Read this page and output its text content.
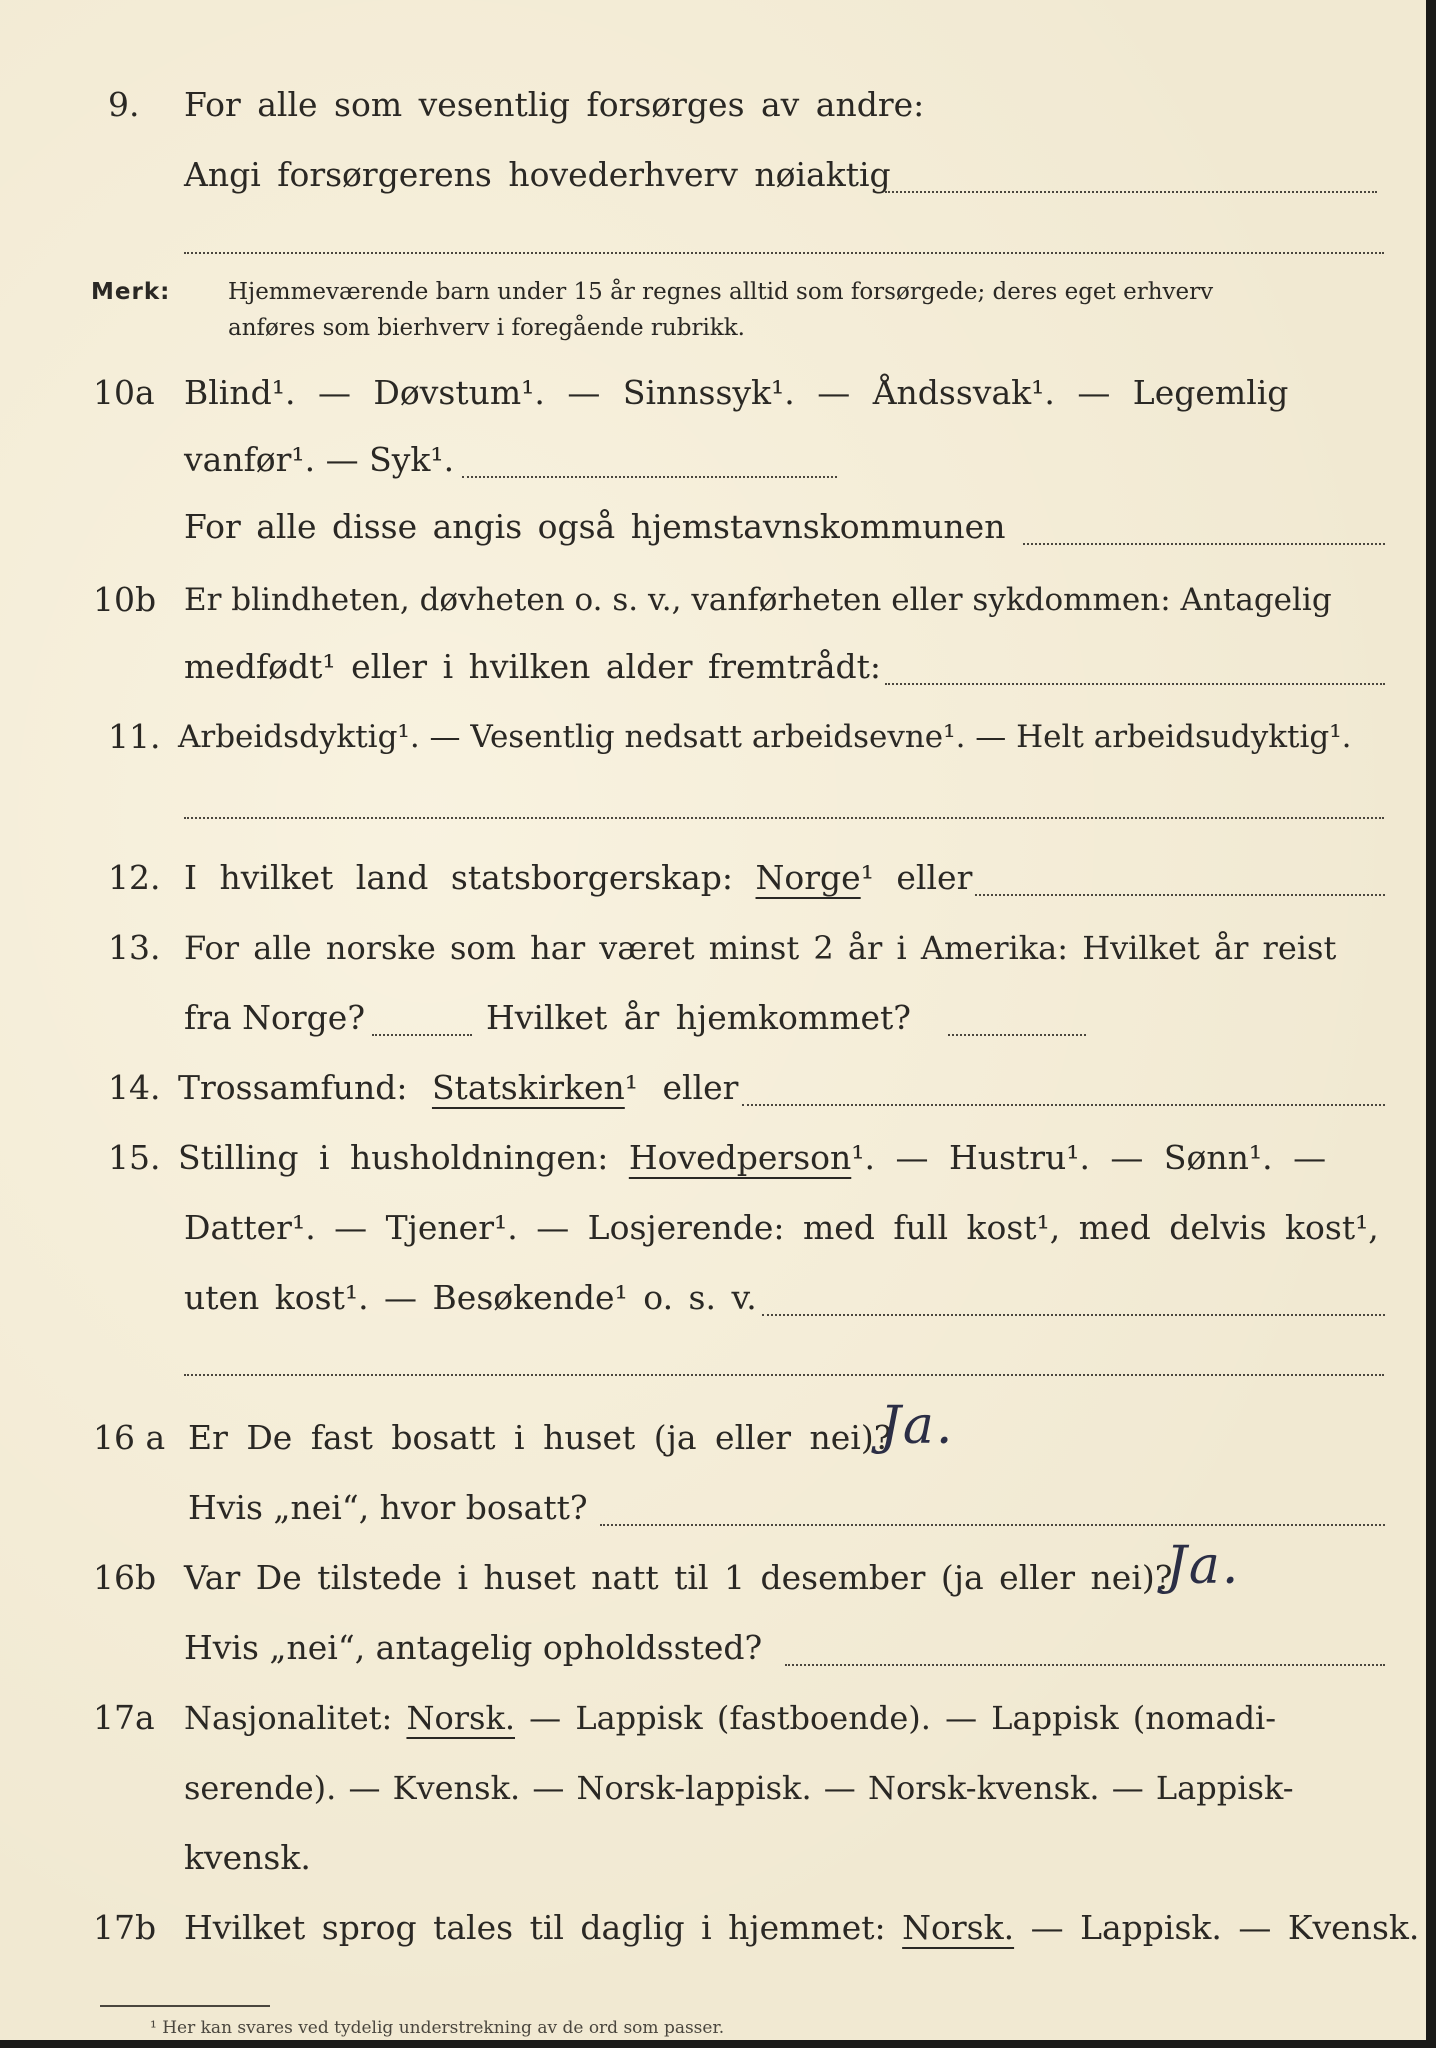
9. For alle som vesentlig forsørges av andre:
Angi forsørgerens hovederhverv nøiaktig
Merk:	Hjemmeværende barn under 15 år regnes alltid som forsørgede; deres eget erhverv
anføres som bierhverv i foregående rubrikk.
10a Blind¹. — Døvstum¹. — Sinnssyk¹. — Åndssvak¹. — Legemlig
vanfør¹. — Syk¹.
For alle disse angis også hjemstavnskommunen
10b Er blindheten, døvheten o. s. v., vanførheten eller sykdommen: Antagelig
medfødt¹ eller i hvilken alder fremtrådt:
11. Arbeidsdyktig¹. — Vesentlig nedsatt arbeidsevne¹. — Helt arbeidsudyktig¹.
12. I hvilket land statsborgerskap: Norge¹ eller
13. For alle norske som har været minst 2 år i Amerika: Hvilket år reist
fra Norge?	Hvilket år hjemkommet?
14. Trossamfund: Statskirken¹ eller
15. Stilling i husholdningen: Hovedperson¹. — Hustru¹. — Sønn¹. —
Datter¹. — Tjener¹. — Losjerende: med full kost¹, med delvis kost¹,
uten kost¹. — Besøkende¹ o. s. v.
16 a Er De fast bosatt i huset (ja eller nei)?
Ja.
Hvis „nei“, hvor bosatt?
16b Var De tilstede i huset natt til 1 desember (ja eller nei)?
Ja.
Hvis „nei“, antagelig opholdssted?
17a Nasjonalitet: Norsk. — Lappisk (fastboende). — Lappisk (nomadi-
serende). — Kvensk. — Norsk-lappisk. — Norsk-kvensk. — Lappisk-
kvensk.
17b Hvilket sprog tales til daglig i hjemmet: Norsk. — Lappisk. — Kvensk.
¹ Her kan svares ved tydelig understrekning av de ord som passer.
